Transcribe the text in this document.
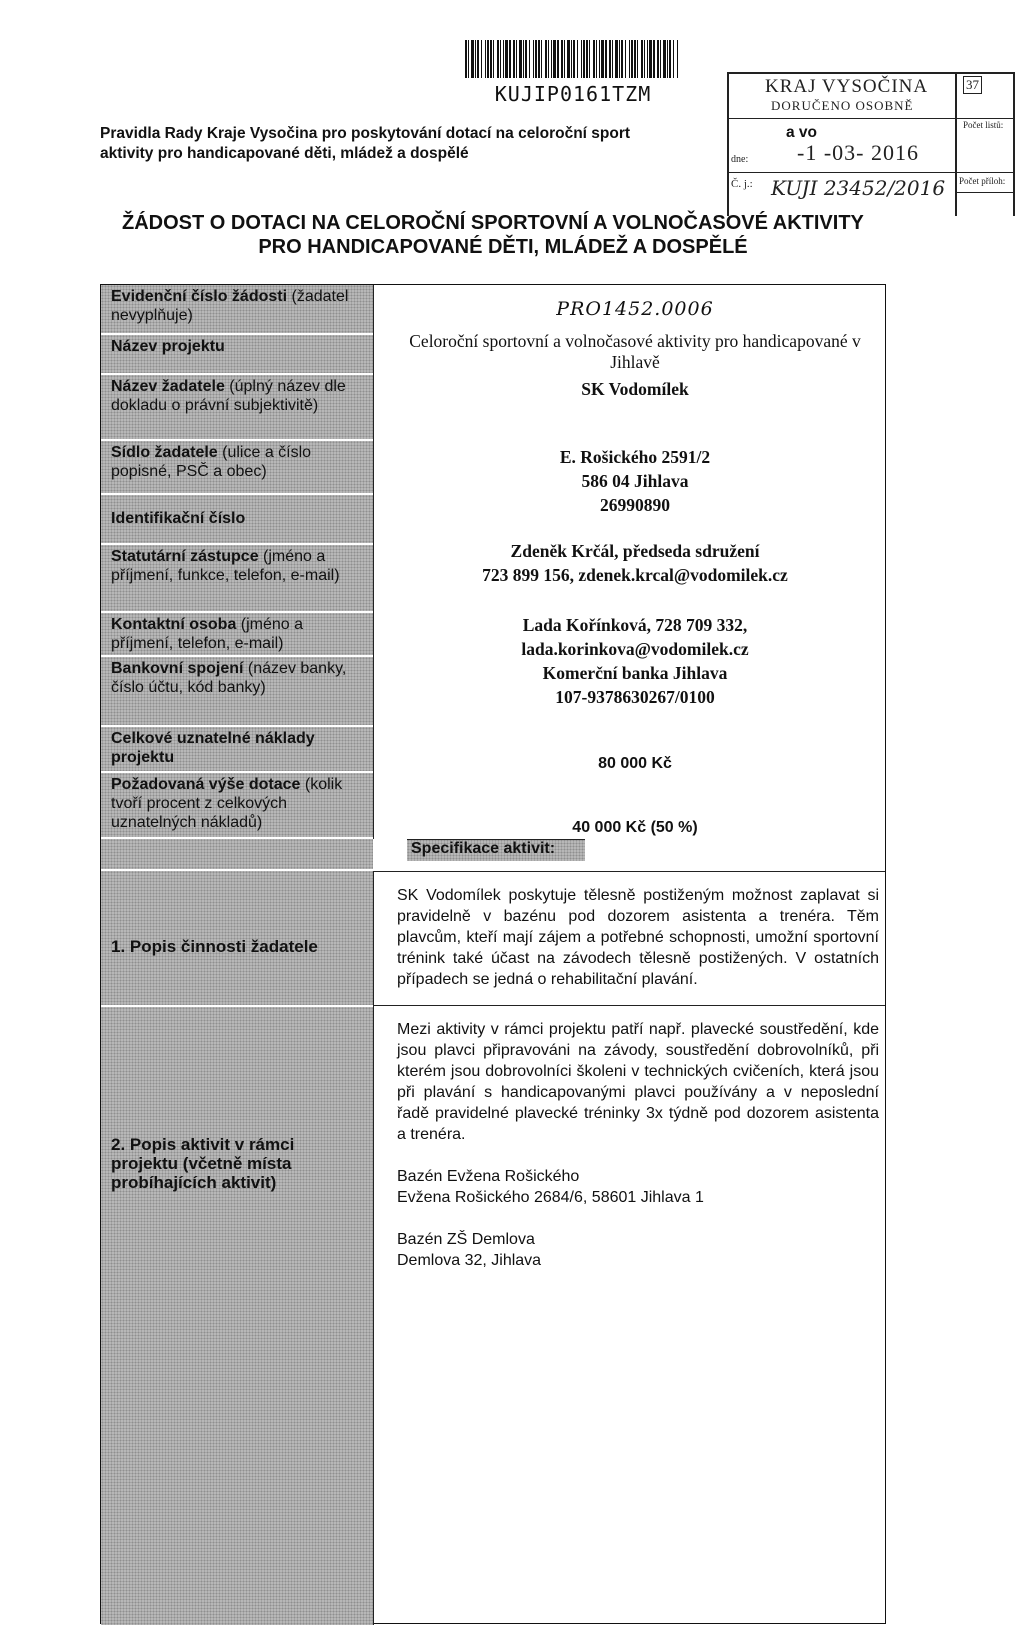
KUJIP0161TZM	KRAJ VYSOČINA
DORUČENO OSOBNĚ
37
Počet listů:
dne: -1 -03- 2016
Č. j.: KUJI 23452/2016 Počet příloh:
Pravidla Rady Kraje Vysočina pro poskytování dotací na celoroční sport
aktivity pro handicapované děti, mládež a dospělé
a vo
ŽÁDOST O DOTACI NA CELOROČNÍ SPORTOVNÍ A VOLNOČASOVÉ AKTIVITY
PRO HANDICAPOVANÉ DĚTI, MLÁDEŽ A DOSPĚLÉ
Evidenční číslo žádosti (žadatel nevyplňuje)
Název projektu
Název žadatele (úplný název dle dokladu o právní subjektivitě)
Sídlo žadatele (ulice a číslo popisné, PSČ a obec)
Identifikační číslo
Statutární zástupce (jméno a příjmení, funkce, telefon, e-mail)
Kontaktní osoba (jméno a příjmení, telefon, e-mail)
Bankovní spojení (název banky, číslo účtu, kód banky)
Celkové uznatelné náklady projektu
Požadovaná výše dotace (kolik tvoří procent z celkových uznatelných nákladů)
1. Popis činnosti žadatele
2. Popis aktivit v rámci projektu (včetně místa probíhajících aktivit)
Specifikace aktivit:
PRO1452.0006
Celoroční sportovní a volnočasové aktivity pro handicapované v Jihlavě
SK Vodomílek
E. Rošického 2591/2
586 04 Jihlava
26990890
Zdeněk Krčál, předseda sdružení
723 899 156, zdenek.krcal@vodomilek.cz
Lada Kořínková, 728 709 332,
lada.korinkova@vodomilek.cz
Komerční banka Jihlava
107-9378630267/0100
80 000 Kč
40 000 Kč (50 %)

SK Vodomílek poskytuje tělesně postiženým možnost zaplavat si pravidelně v bazénu pod dozorem asistenta a trenéra. Těm plavcům, kteří mají zájem a potřebné schopnosti, umožní sportovní trénink také účast na závodech tělesně postižených. V ostatních případech se jedná o rehabilitační plavání.

Mezi aktivity v rámci projektu patří např. plavecké soustředění, kde jsou plavci připravováni na závody, soustředění dobrovolníků, při kterém jsou dobrovolníci školeni v technických cvičeních, která jsou při plavání s handicapovanými plavci používány a v neposlední řadě pravidelné plavecké tréninky 3x týdně pod dozorem asistenta a trenéra.

Bazén Evžena Rošického

Evžena Rošického 2684/6, 58601 Jihlava 1

Bazén ZŠ Demlova

Demlova 32, Jihlava
